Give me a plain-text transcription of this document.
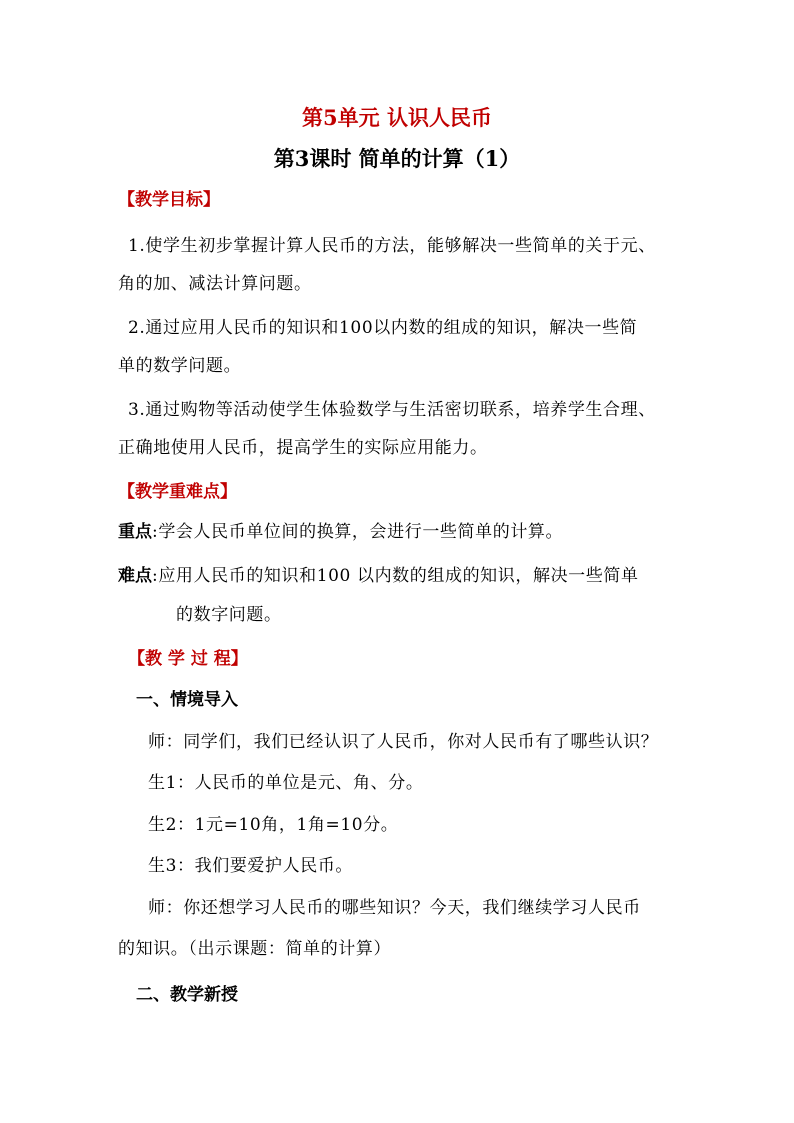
第5单元 认识人民币
第3课时 简单的计算（1）
【教学目标】
1.使学生初步掌握计算人民币的方法，能够解决一些简单的关于元、
角的加、减法计算问题。
2.通过应用人民币的知识和100以内数的组成的知识，解决一些简
单的数学问题。
3.通过购物等活动使学生体验数学与生活密切联系，培养学生合理、
正确地使用人民币，提高学生的实际应用能力。
【教学重难点】
重点:学会人民币单位间的换算，会进行一些简单的计算。
难点:应用人民币的知识和100 以内数的组成的知识，解决一些简单
的数字问题。
【教 学 过 程】
一、情境导入
师：同学们，我们已经认识了人民币，你对人民币有了哪些认识？
生1：人民币的单位是元、角、分。
生2：1元=10角，1角=10分。
生3：我们要爱护人民币。
师：你还想学习人民币的哪些知识？今天，我们继续学习人民币
的知识。（出示课题：简单的计算）
二、教学新授
